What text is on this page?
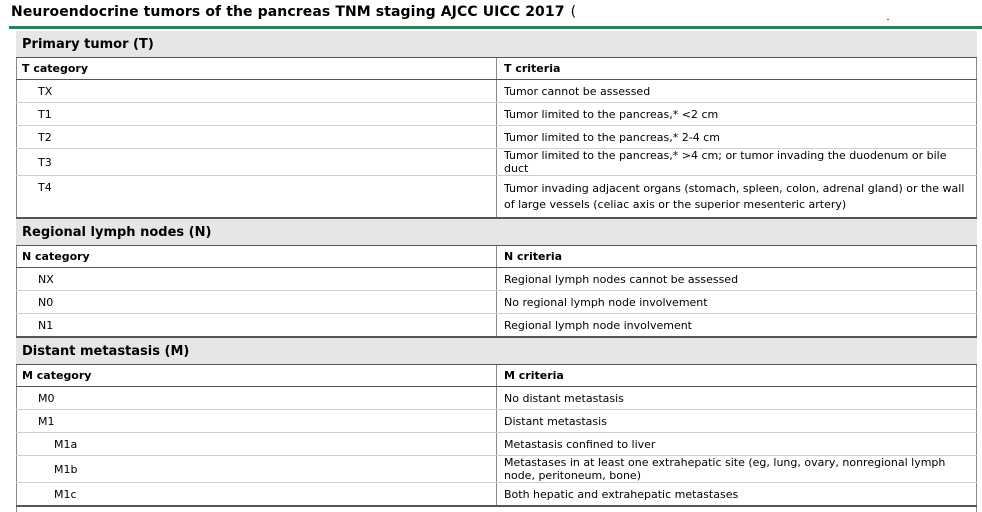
Neuroendocrine tumors of the pancreas TNM staging AJCC UICC 2017 (
Primary tumor (T)	
T category	T criteria
TX	Tumor cannot be assessed
T1	Tumor limited to the pancreas,* <2 cm
T2	Tumor limited to the pancreas,* 2-4 cm
T3	Tumor limited to the pancreas,* >4 cm; or tumor invading the duodenum or bile duct
T4	Tumor invading adjacent organs (stomach, spleen, colon, adrenal gland) or the wall of large vessels (celiac axis or the superior mesenteric artery)
Regional lymph nodes (N)	
N category	N criteria
NX	Regional lymph nodes cannot be assessed
N0	No regional lymph node involvement
N1	Regional lymph node involvement
Distant metastasis (M)	
M category	M criteria
M0	No distant metastasis
M1	Distant metastasis
M1a	Metastasis confined to liver
M1b	Metastases in at least one extrahepatic site (eg, lung, ovary, nonregional lymph node, peritoneum, bone)
M1c	Both hepatic and extrahepatic metastases
